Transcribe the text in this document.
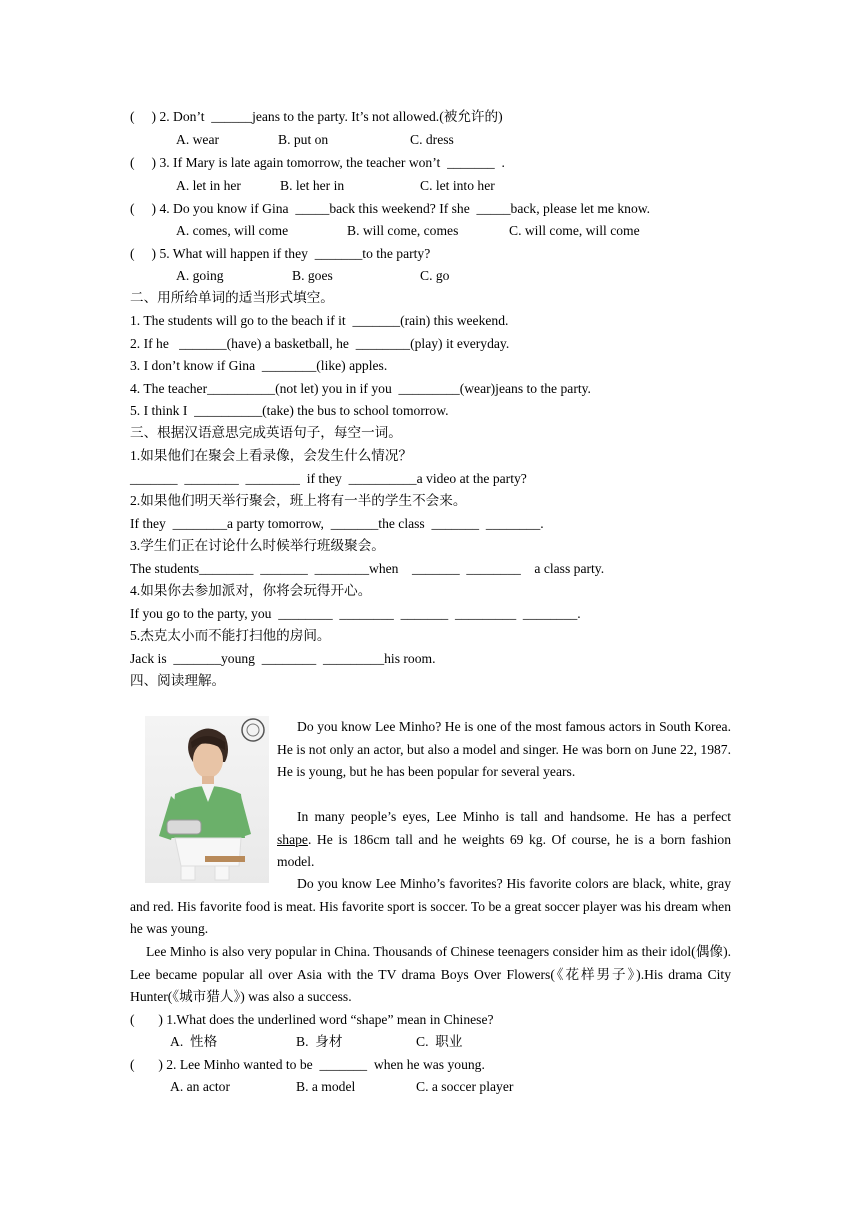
(     ) 2. Don’t  ______jeans to the party. It’s not allowed.(被允许的)
A. wear	B. put on	C. dress
(     ) 3. If Mary is late again tomorrow, the teacher won’t  _______  .
A. let in her	B. let her in	C. let into her
(     ) 4. Do you know if Gina  _____back this weekend? If she  _____back, please let me know.
A. comes, will come	B. will come, comes	C. will come, will come
(     ) 5. What will happen if they  _______to the party?
A. going	B. goes	C. go
二、用所给单词的适当形式填空。
1. The students will go to the beach if it  _______(rain) this weekend.
2. If he   _______(have) a basketball, he  ________(play) it everyday.
3. I don’t know if Gina  ________(like) apples.
4. The teacher__________(not let) you in if you  _________(wear)jeans to the party.
5. I think I  __________(take) the bus to school tomorrow.
三、根据汉语意思完成英语句子，每空一词。
1.如果他们在聚会上看录像，会发生什么情况？
_______  ________  ________  if they  __________a video at the party?
2.如果他们明天举行聚会，班上将有一半的学生不会来。
If they  ________a party tomorrow,  _______the class  _______  ________.
3.学生们正在讨论什么时候举行班级聚会。
The students________  _______  ________when    _______  ________    a class party.
4.如果你去参加派对，你将会玩得开心。
If you go to the party, you  ________  ________  _______  _________  ________.
5.杰克太小而不能打扫他的房间。
Jack is  _______young  ________  _________his room.
四、阅读理解。
Do you know Lee Minho? He is one of the most famous actors in South Korea. He is not only an actor, but also a model and singer. He was born on June 22, 1987. He is young, but he has been popular for several years.
In many people’s eyes, Lee Minho is tall and handsome. He has a perfect shape. He is 186cm tall and he weights 69 kg. Of course, he is a born fashion model.
Do you know Lee Minho’s favorites? His favorite colors are black, white, gray and red. His favorite food is meat. His favorite sport is soccer. To be a great soccer player was his dream when he was young.
Lee Minho is also very popular in China. Thousands of Chinese teenagers consider him as their idol(偶像). Lee became popular all over Asia with the TV drama Boys Over Flowers(《花样男子》).His drama City Hunter(《城市猎人》) was also a success.
(       ) 1.What does the underlined word “shape” mean in Chinese?
A.  性格	B.  身材	C.  职业
(       ) 2. Lee Minho wanted to be  _______  when he was young.
A. an actor	B. a model	C. a soccer player
